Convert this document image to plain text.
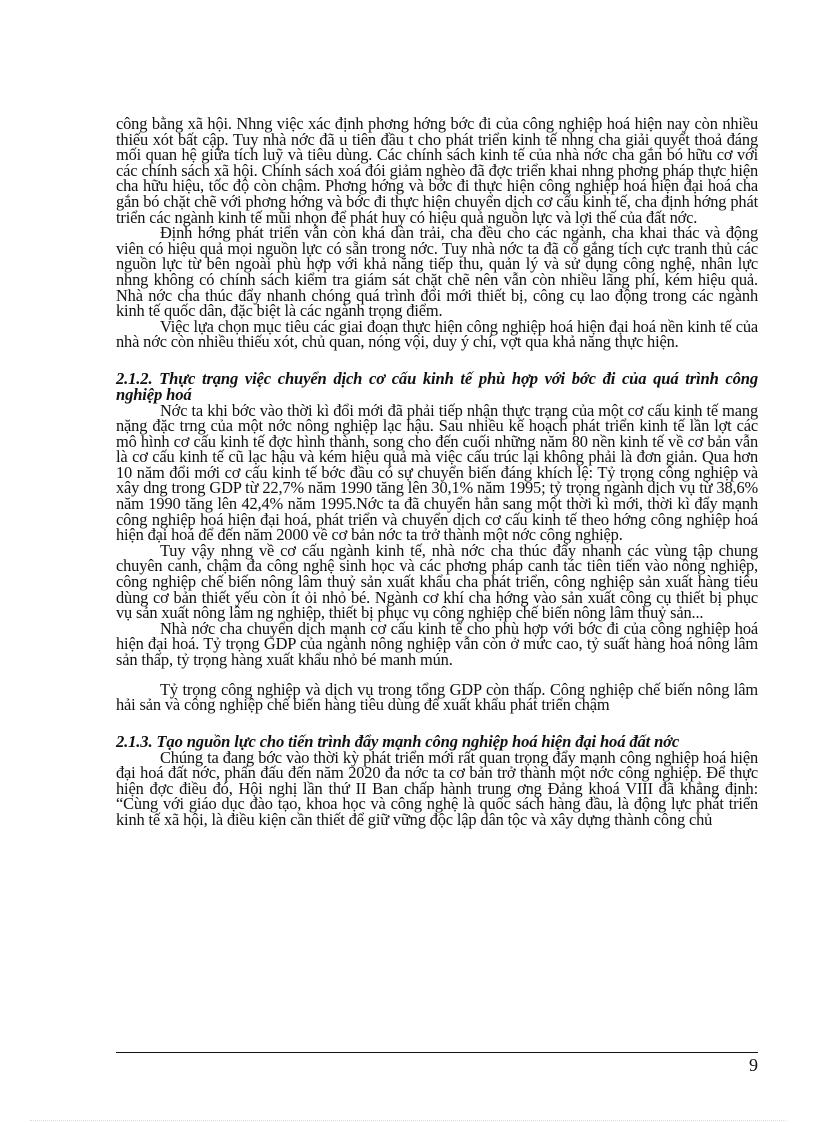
công bằng xã hội. Nhng việc xác định phơng hớng bớc đi của công nghiệp hoá hiện nay còn nhiều thiếu xót bất cập. Tuy nhà nớc đã u tiên đầu t cho phát triển kinh tế nhng cha giải quyết thoả đáng mối quan hệ giữa tích luỹ và tiêu dùng. Các chính sách kinh tế của nhà nớc cha gắn bó hữu cơ với các chính sách xã hội. Chính sách xoá đói giảm nghèo đã đợc triển khai nhng phơng pháp thực hiện cha hữu hiệu, tốc độ còn chậm. Phơng hớng và bớc đi thực hiện công nghiệp hoá hiện đại hoá cha gắn bó chặt chẽ với phơng hớng và bớc đi thực hiện chuyển dịch cơ cấu kinh tế, cha định hớng phát triển các ngành kinh tế mũi nhọn để phát huy có hiệu quả nguồn lực và lợi thế của đất nớc.

Định hớng phát triển vẫn còn khá dàn trải, cha đều cho các ngành, cha khai thác và động viên có hiệu quả mọi nguồn lực có sẵn trong nớc. Tuy nhà nớc ta đã cố gắng tích cực tranh thủ các nguồn lực từ bên ngoài phù hợp với khả năng tiếp thu, quản lý và sử dụng công nghệ, nhân lực nhng không có chính sách kiểm tra giám sát chặt chẽ nên vẫn còn nhiều lãng phí, kém hiệu quả. Nhà nớc cha thúc đẩy nhanh chóng quá trình đổi mới thiết bị, công cụ lao động trong các ngành kinh tế quốc dân, đặc biệt là các ngành trọng điểm.

Việc lựa chọn mục tiêu các giai đoạn thực hiện công nghiệp hoá hiện đại hoá nền kinh tế của nhà nớc còn nhiều thiếu xót, chủ quan, nóng vội, duy ý chí, vợt qua khả năng thực hiện.

2.1.2. Thực trạng việc chuyển dịch cơ cấu kinh tế phù hợp với bớc đi của quá trình công nghiệp hoá

Nớc ta khi bớc vào thời kì đổi mới đã phải tiếp nhận thực trạng của một cơ cấu kinh tế mang nặng đặc trng của một nớc nông nghiệp lạc hậu. Sau nhiều kế hoạch phát triển kinh tế lần lợt các mô hình cơ cấu kinh tế đợc hình thành, song cho đến cuối những năm 80 nền kinh tế về cơ bản vẫn là cơ cấu kinh tế cũ lạc hậu và kém hiệu quả mà việc cấu trúc lại không phải là đơn giản. Qua hơn 10 năm đổi mới cơ cấu kinh tế bớc đầu có sự chuyển biến đáng khích lệ: Tỷ trọng công nghiệp và xây dng trong GDP từ 22,7% năm 1990 tăng lên 30,1% năm 1995; tỷ trọng ngành dịch vụ từ 38,6% năm 1990 tăng lên 42,4% năm 1995.Nớc ta đã chuyển hẳn sang một thời kì mới, thời kì đẩy mạnh công nghiệp hoá hiện đại hoá, phát triển và chuyển dịch cơ cấu kinh tế theo hớng công nghiệp hoá hiện đại hoá để đến năm 2000 về cơ bản nớc ta trở thành một nớc công nghiệp.

Tuy vậy nhng về cơ cấu ngành kinh tế, nhà nớc cha thúc đẩy nhanh các vùng tập chung chuyên canh, chậm đa công nghệ sinh học và các phơng pháp canh tác tiên tiến vào nông nghiệp, công nghiệp chế biến nông lâm thuỷ sản xuất khẩu cha phát triển, công nghiệp sản xuất hàng tiêu dùng cơ bản thiết yếu còn ít ỏi nhỏ bé. Ngành cơ khí cha hớng vào sản xuất công cụ thiết bị phục vụ sản xuất nông lâm ng nghiệp, thiết bị phục vụ công nghiệp chế biến nông lâm thuỷ sản...

Nhà nớc cha chuyển dịch mạnh cơ cấu kinh tế cho phù hợp với bớc đi của công nghiệp hoá hiện đại hoá. Tỷ trọng GDP của ngành nông nghiệp vẫn còn ở mức cao, tỷ suất hàng hoá nông lâm sản thấp, tỷ trọng hàng xuất khẩu nhỏ bé manh mún.

Tỷ trọng công nghiệp và dịch vụ trong tổng GDP còn thấp. Công nghiệp chế biến nông lâm hải sản và công nghiệp chế biến hàng tiêu dùng để xuất khẩu phát triển chậm

2.1.3. Tạo nguồn lực cho tiến trình đẩy mạnh công nghiệp hoá hiện đại hoá đất nớc

Chúng ta đang bớc vào thời kỳ phát triển mới rất quan trọng đẩy mạnh công nghiệp hoá hiện đại hoá đất nớc, phấn đấu đến năm 2020 đa nớc ta cơ bản trở thành một nớc công nghiệp. Để thực hiện đợc điều đó, Hội nghị lần thứ II Ban chấp hành trung ơng Đảng khoá VIII đã khẳng định: “Cùng với giáo dục đào tạo, khoa học và công nghệ là quốc sách hàng đầu, là động lực phát triển kinh tế xã hội, là điều kiện cần thiết để giữ vững độc lập dân tộc và xây dựng thành công chủ

9
